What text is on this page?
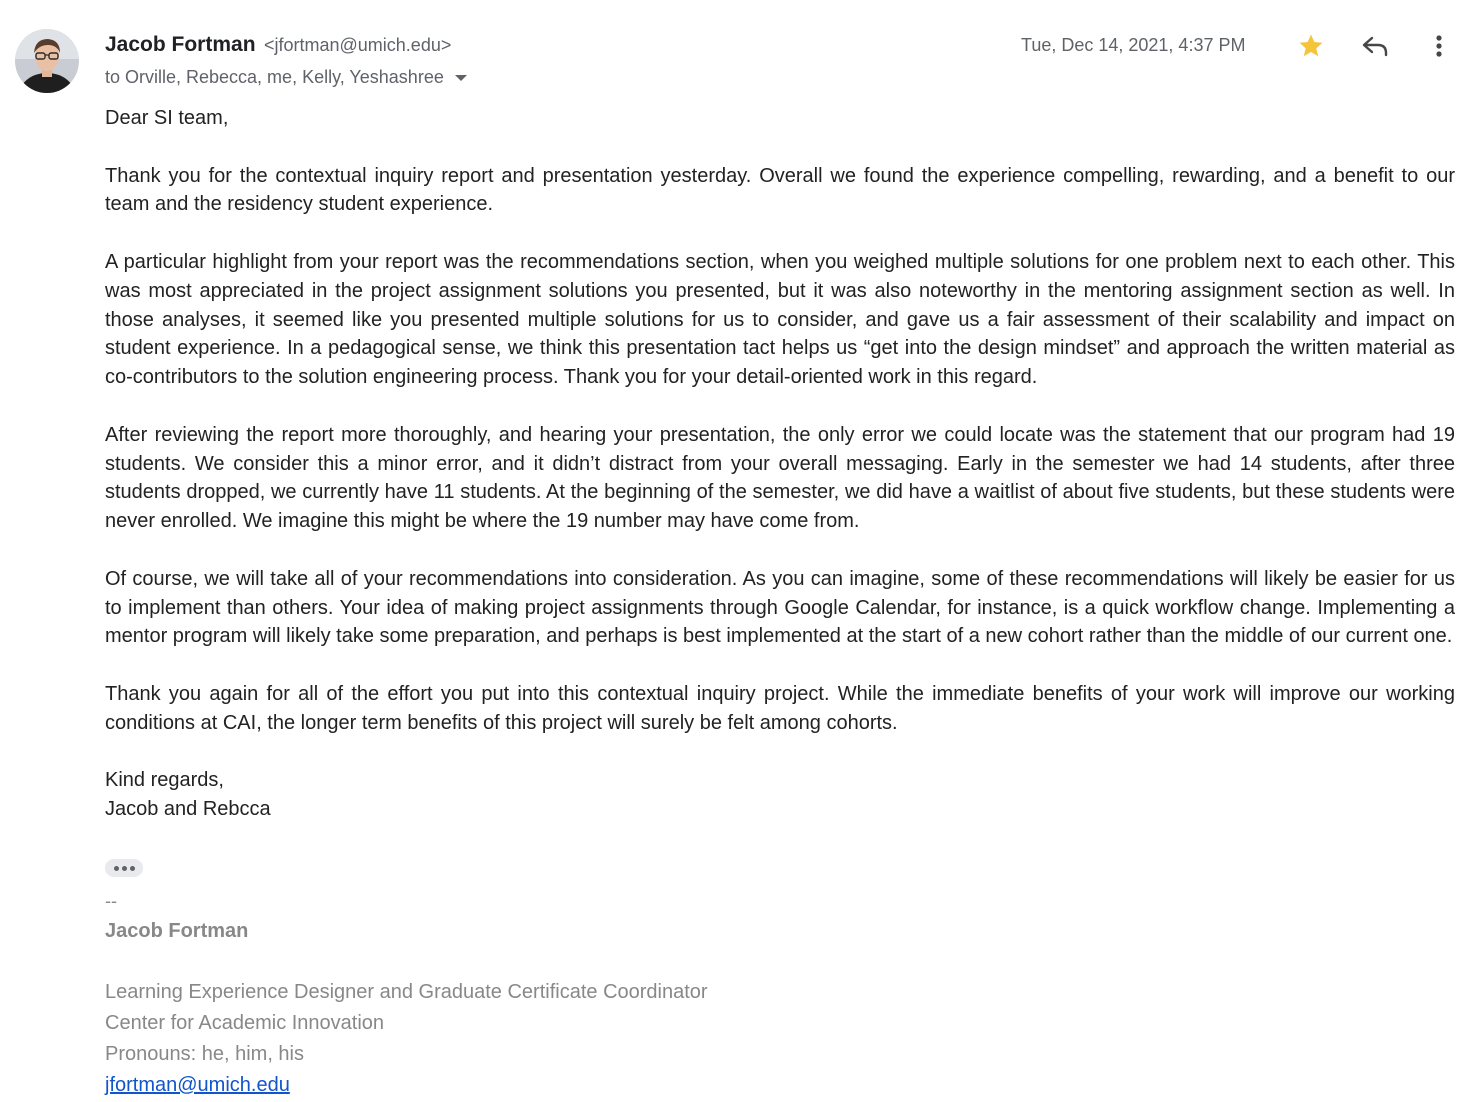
Jacob Fortman <jfortman@umich.edu>
to Orville, Rebecca, me, Kelly, Yeshashree
Tue, Dec 14, 2021, 4:37 PM

Dear SI team,

Thank you for the contextual inquiry report and presentation yesterday. Overall we found the experience compelling, rewarding, and a benefit to our team and the residency student experience.

A particular highlight from your report was the recommendations section, when you weighed multiple solutions for one problem next to each other. This was most appreciated in the project assignment solutions you presented, but it was also noteworthy in the mentoring assignment section as well. In those analyses, it seemed like you presented multiple solutions for us to consider, and gave us a fair assessment of their scalability and impact on student experience. In a pedagogical sense, we think this presentation tact helps us “get into the design mindset” and approach the written material as co-contributors to the solution engineering process. Thank you for your detail-oriented work in this regard.

After reviewing the report more thoroughly, and hearing your presentation, the only error we could locate was the statement that our program had 19 students. We consider this a minor error, and it didn’t distract from your overall messaging. Early in the semester we had 14 students, after three students dropped, we currently have 11 students. At the beginning of the semester, we did have a waitlist of about five students, but these students were never enrolled. We imagine this might be where the 19 number may have come from.

Of course, we will take all of your recommendations into consideration. As you can imagine, some of these recommendations will likely be easier for us to implement than others. Your idea of making project assignments through Google Calendar, for instance, is a quick workflow change. Implementing a mentor program will likely take some preparation, and perhaps is best implemented at the start of a new cohort rather than the middle of our current one.

Thank you again for all of the effort you put into this contextual inquiry project. While the immediate benefits of your work will improve our working conditions at CAI, the longer term benefits of this project will surely be felt among cohorts.

Kind regards,

Jacob and Rebcca

--
Jacob Fortman
Learning Experience Designer and Graduate Certificate Coordinator
Center for Academic Innovation
Pronouns: he, him, his
jfortman@umich.edu
